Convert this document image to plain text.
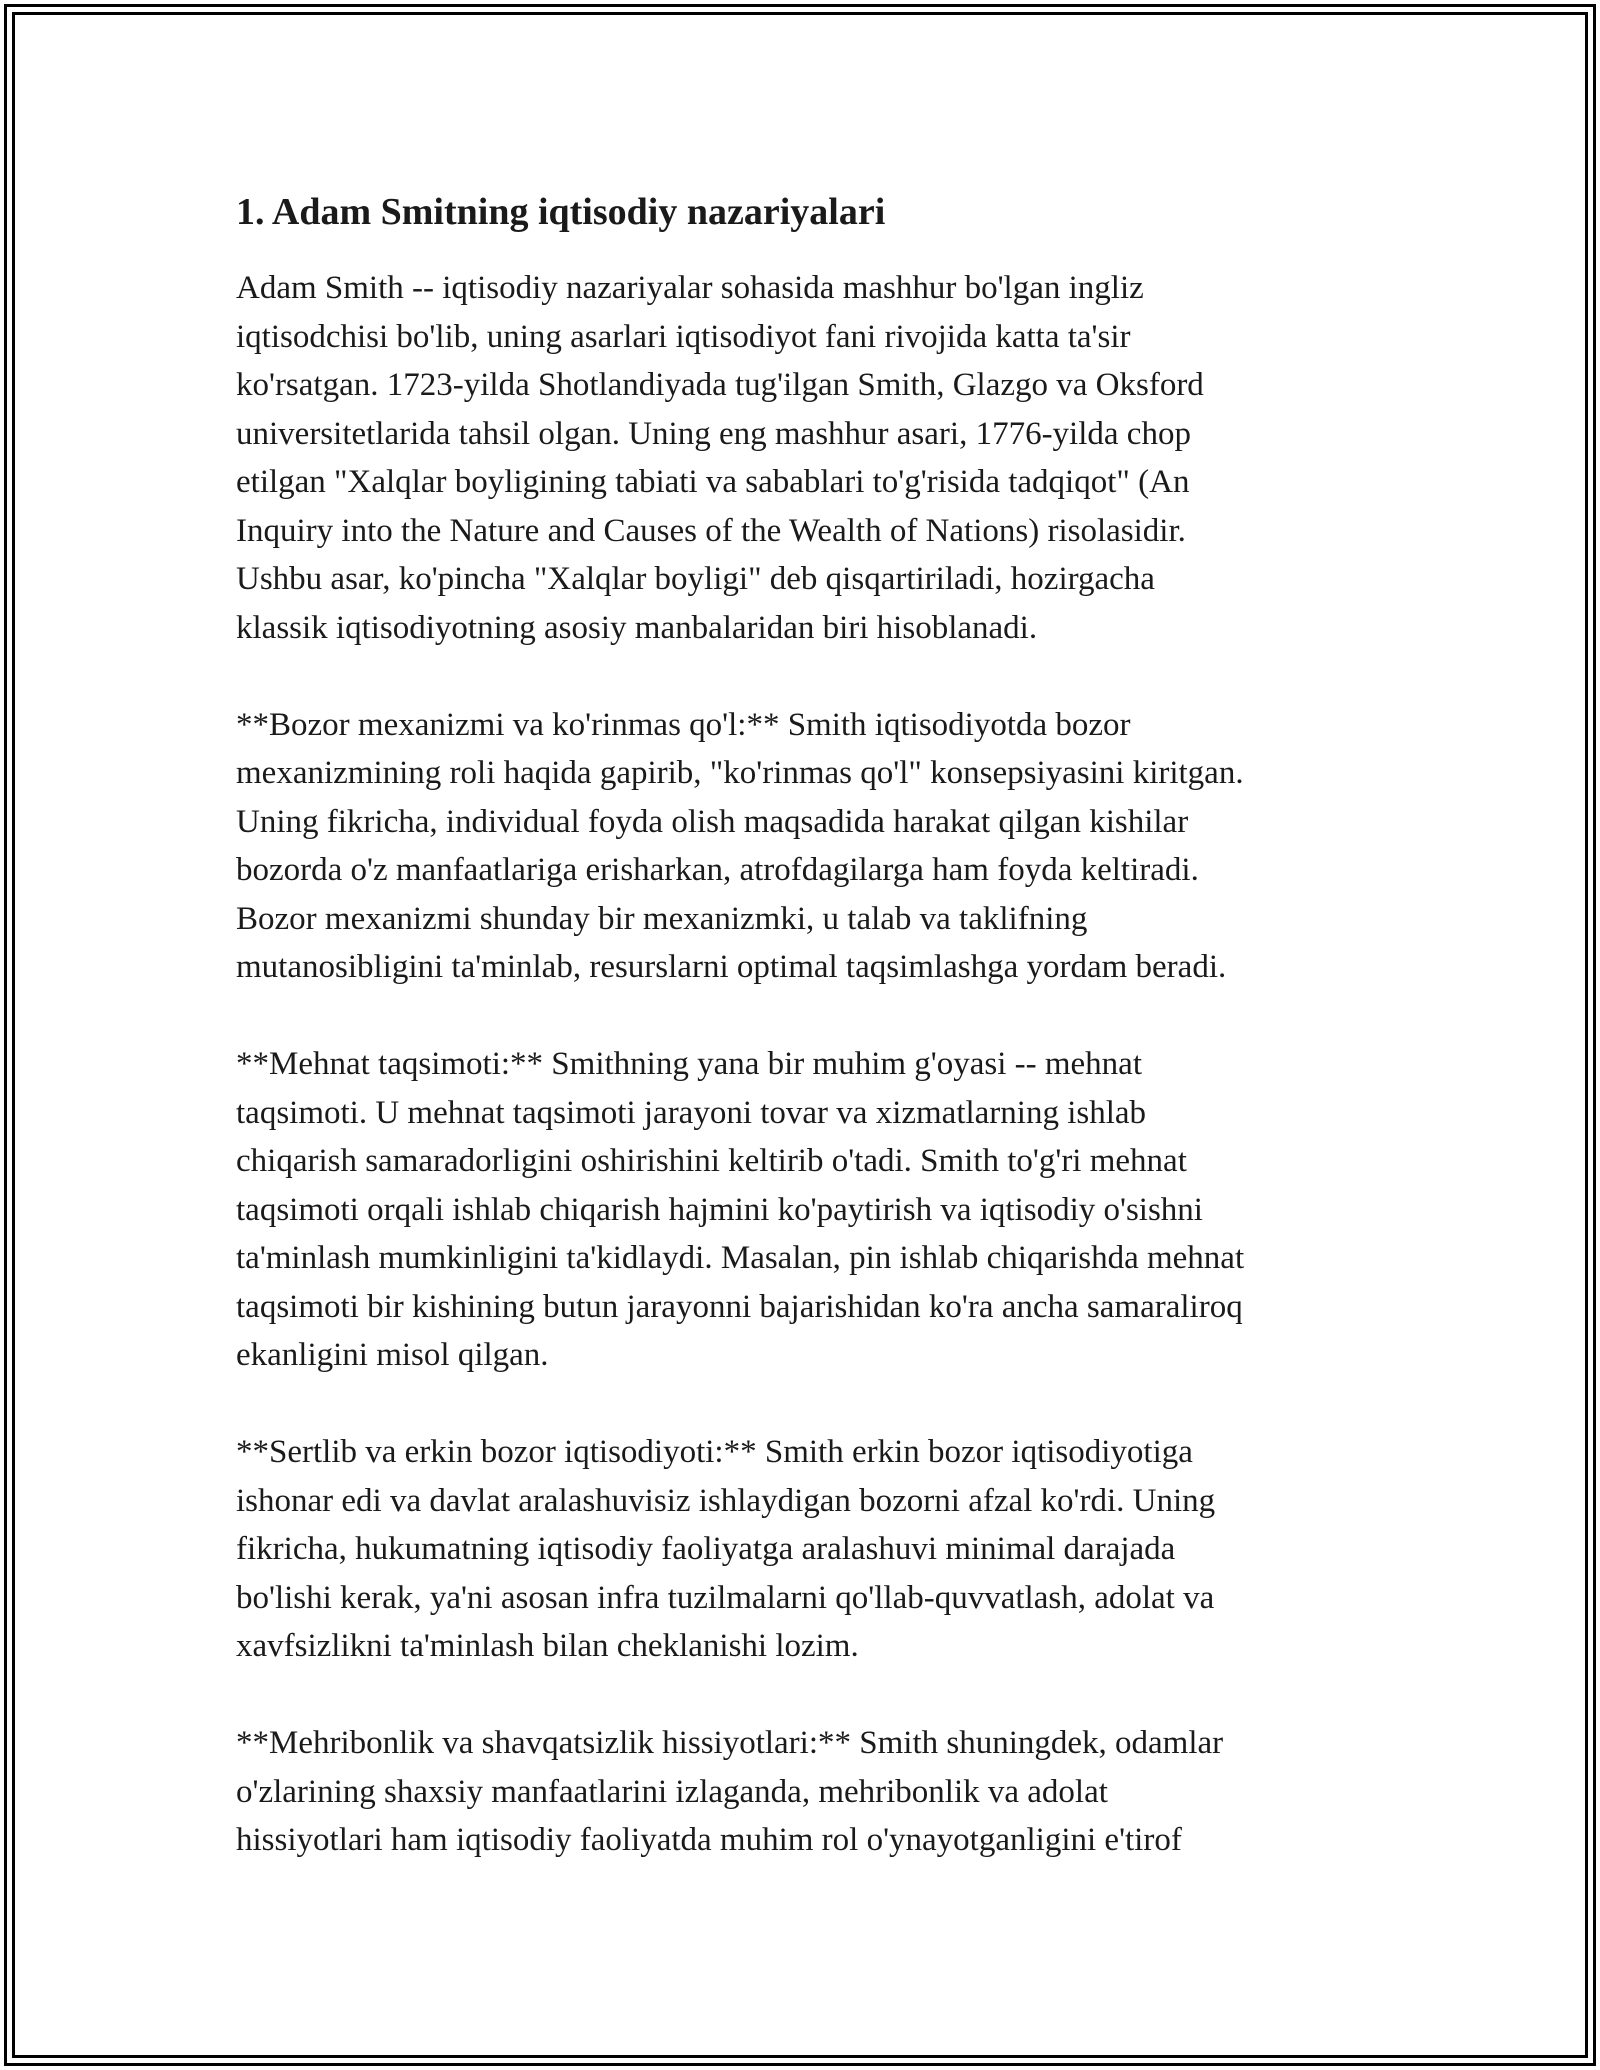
1. Adam Smitning iqtisodiy nazariyalari

Adam Smith -- iqtisodiy nazariyalar sohasida mashhur bo'lgan ingliz
iqtisodchisi bo'lib, uning asarlari iqtisodiyot fani rivojida katta ta'sir
ko'rsatgan. 1723-yilda Shotlandiyada tug'ilgan Smith, Glazgo va Oksford
universitetlarida tahsil olgan. Uning eng mashhur asari, 1776-yilda chop
etilgan "Xalqlar boyligining tabiati va sabablari to'g'risida tadqiqot" (An
Inquiry into the Nature and Causes of the Wealth of Nations) risolasidir.
Ushbu asar, ko'pincha "Xalqlar boyligi" deb qisqartiriladi, hozirgacha
klassik iqtisodiyotning asosiy manbalaridan biri hisoblanadi.

**Bozor mexanizmi va ko'rinmas qo'l:** Smith iqtisodiyotda bozor
mexanizmining roli haqida gapirib, "ko'rinmas qo'l" konsepsiyasini kiritgan.
Uning fikricha, individual foyda olish maqsadida harakat qilgan kishilar
bozorda o'z manfaatlariga erisharkan, atrofdagilarga ham foyda keltiradi.
Bozor mexanizmi shunday bir mexanizmki, u talab va taklifning
mutanosibligini ta'minlab, resurslarni optimal taqsimlashga yordam beradi.

**Mehnat taqsimoti:** Smithning yana bir muhim g'oyasi -- mehnat
taqsimoti. U mehnat taqsimoti jarayoni tovar va xizmatlarning ishlab
chiqarish samaradorligini oshirishini keltirib o'tadi. Smith to'g'ri mehnat
taqsimoti orqali ishlab chiqarish hajmini ko'paytirish va iqtisodiy o'sishni
ta'minlash mumkinligini ta'kidlaydi. Masalan, pin ishlab chiqarishda mehnat
taqsimoti bir kishining butun jarayonni bajarishidan ko'ra ancha samaraliroq
ekanligini misol qilgan.

**Sertlib va erkin bozor iqtisodiyoti:** Smith erkin bozor iqtisodiyotiga
ishonar edi va davlat aralashuvisiz ishlaydigan bozorni afzal ko'rdi. Uning
fikricha, hukumatning iqtisodiy faoliyatga aralashuvi minimal darajada
bo'lishi kerak, ya'ni asosan infra tuzilmalarni qo'llab-quvvatlash, adolat va
xavfsizlikni ta'minlash bilan cheklanishi lozim.

**Mehribonlik va shavqatsizlik hissiyotlari:** Smith shuningdek, odamlar
o'zlarining shaxsiy manfaatlarini izlaganda, mehribonlik va adolat
hissiyotlari ham iqtisodiy faoliyatda muhim rol o'ynayotganligini e'tirof
